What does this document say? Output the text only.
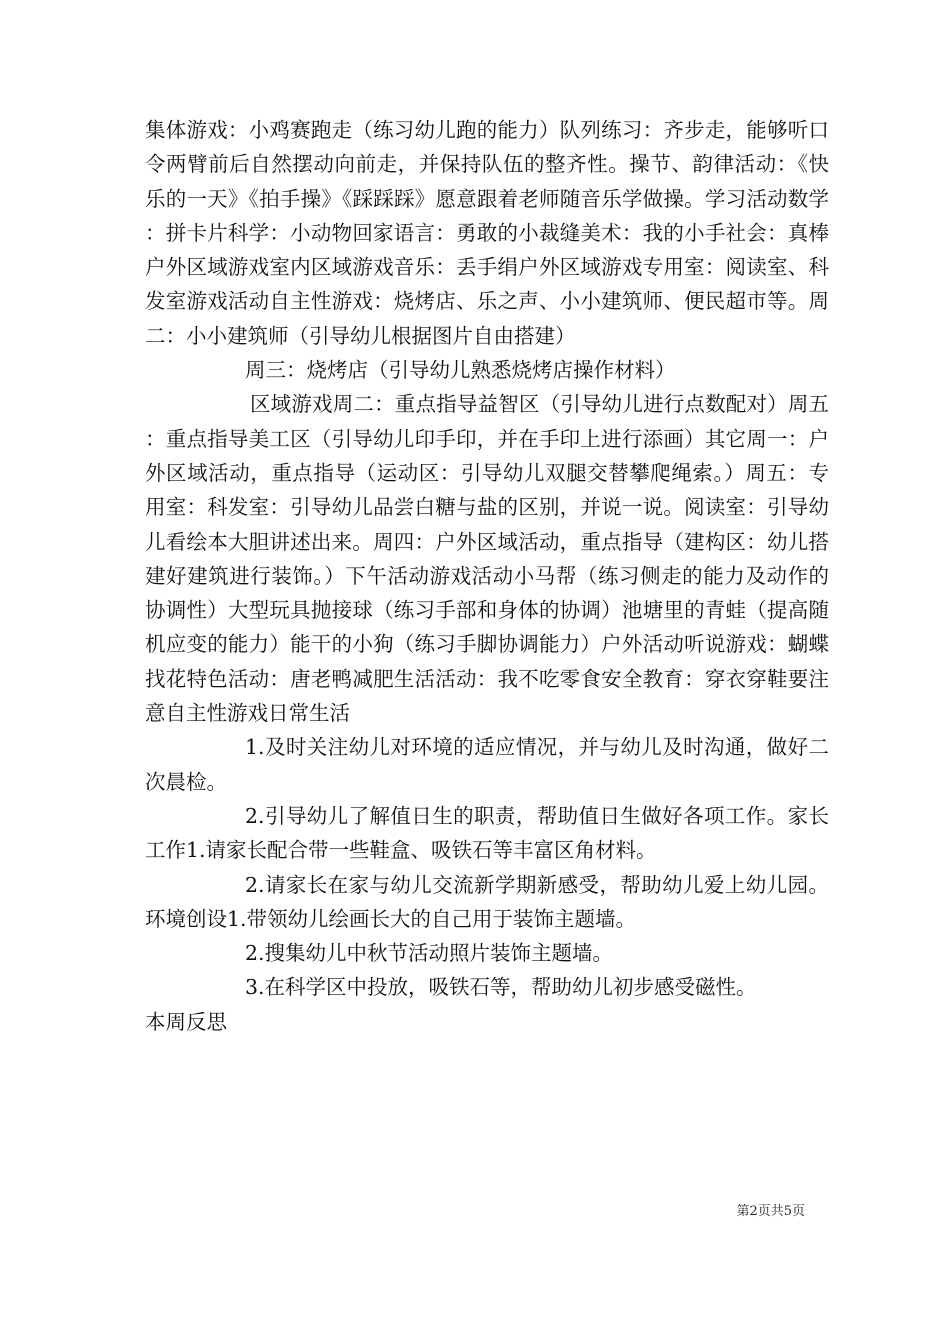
集体游戏：小鸡赛跑走（练习幼儿跑的能力）队列练习：齐步走，能够听口令两臂前后自然摆动向前走，并保持队伍的整齐性。操节、韵律活动：《快乐的一天》《拍手操》《踩踩踩》愿意跟着老师随音乐学做操。学习活动数学：拼卡片科学：小动物回家语言：勇敢的小裁缝美术：我的小手社会：真棒户外区域游戏室内区域游戏音乐：丢手绢户外区域游戏专用室：阅读室、科发室游戏活动自主性游戏：烧烤店、乐之声、小小建筑师、便民超市等。周二：小小建筑师（引导幼儿根据图片自由搭建）

周三：烧烤店（引导幼儿熟悉烧烤店操作材料）

区域游戏周二：重点指导益智区（引导幼儿进行点数配对）周五：重点指导美工区（引导幼儿印手印，并在手印上进行添画）其它周一：户外区域活动，重点指导（运动区：引导幼儿双腿交替攀爬绳索。）周五：专用室：科发室：引导幼儿品尝白糖与盐的区别，并说一说。阅读室：引导幼儿看绘本大胆讲述出来。周四：户外区域活动，重点指导（建构区：幼儿搭建好建筑进行装饰。）下午活动游戏活动小马帮（练习侧走的能力及动作的协调性）大型玩具抛接球（练习手部和身体的协调）池塘里的青蛙（提高随机应变的能力）能干的小狗（练习手脚协调能力）户外活动听说游戏：蝴蝶找花特色活动：唐老鸭减肥生活活动：我不吃零食安全教育：穿衣穿鞋要注意自主性游戏日常生活

1.及时关注幼儿对环境的适应情况，并与幼儿及时沟通，做好二次晨检。

2.引导幼儿了解值日生的职责，帮助值日生做好各项工作。家长工作1.请家长配合带一些鞋盒、吸铁石等丰富区角材料。

2.请家长在家与幼儿交流新学期新感受，帮助幼儿爱上幼儿园。环境创设1.带领幼儿绘画长大的自己用于装饰主题墙。

2.搜集幼儿中秋节活动照片装饰主题墙。

3.在科学区中投放，吸铁石等，帮助幼儿初步感受磁性。

本周反思

第2页共5页
